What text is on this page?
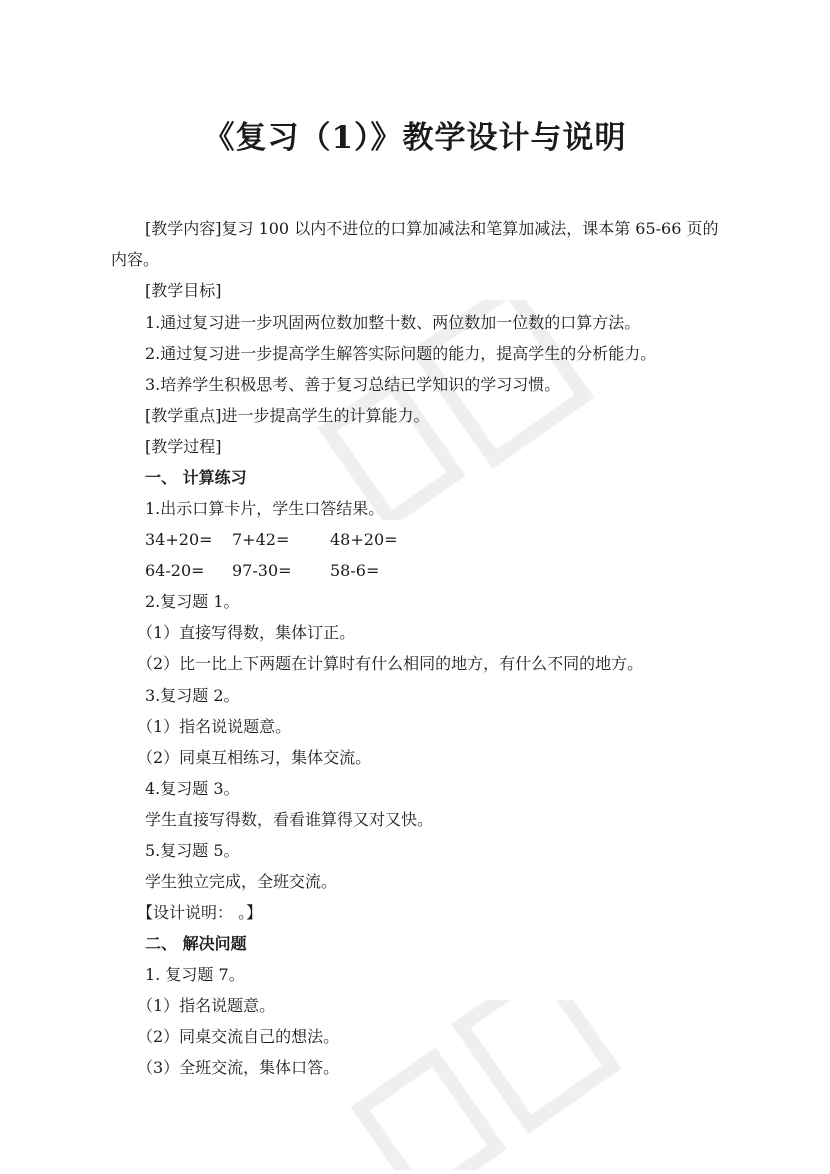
《复习（1）》教学设计与说明
[教学内容]复习 100 以内不进位的口算加减法和笔算加减法，课本第 65-66 页的
内容。
[教学目标]
1.通过复习进一步巩固两位数加整十数、两位数加一位数的口算方法。
2.通过复习进一步提高学生解答实际问题的能力，提高学生的分析能力。
3.培养学生积极思考、善于复习总结已学知识的学习习惯。
[教学重点]进一步提高学生的计算能力。
[教学过程]
一、 计算练习
1.出示口算卡片，学生口答结果。
34+20= 7+42=	48+20=
64-20= 97-30= 58-6=
2.复习题 1。
（1）直接写得数，集体订正。
（2）比一比上下两题在计算时有什么相同的地方，有什么不同的地方。
3.复习题 2。
（1）指名说说题意。
（2）同桌互相练习，集体交流。
4.复习题 3。
学生直接写得数，看看谁算得又对又快。
5.复习题 5。
学生独立完成，全班交流。
【设计说明： 。】
二、 解决问题
1. 复习题 7。
（1）指名说题意。
（2）同桌交流自己的想法。
（3）全班交流，集体口答。
